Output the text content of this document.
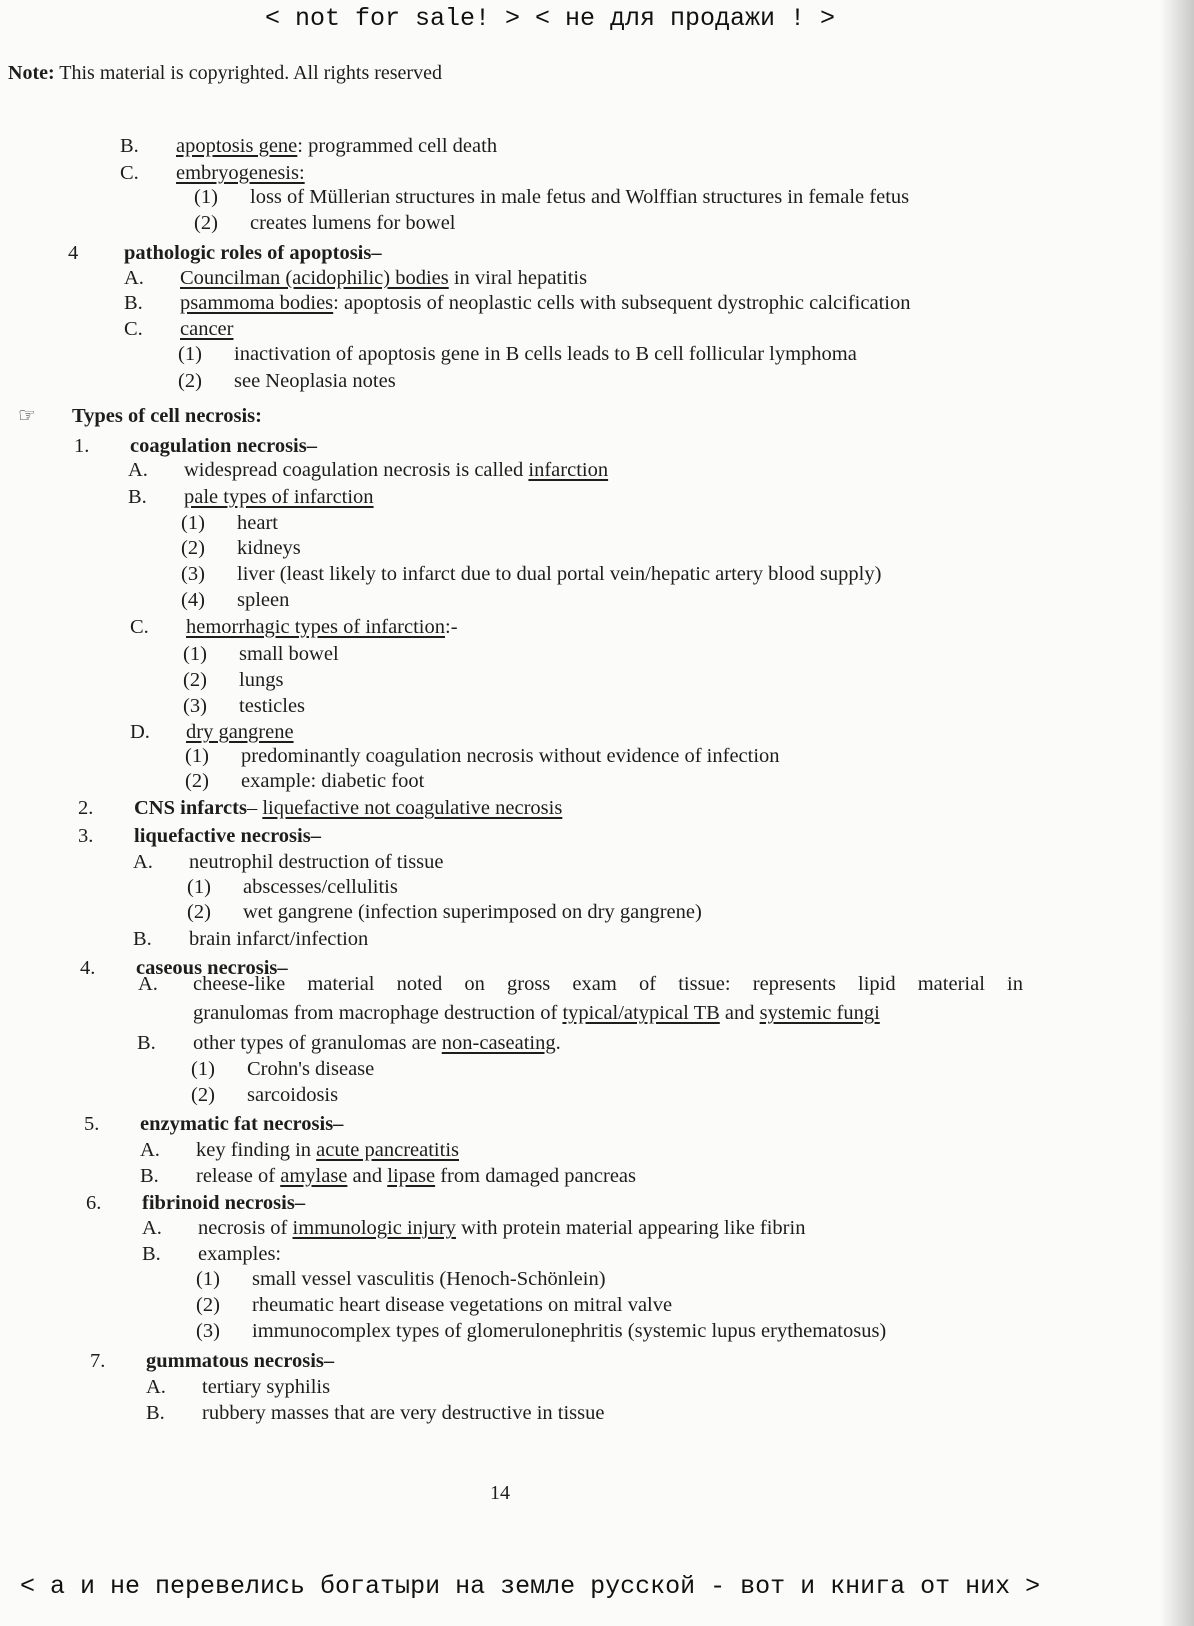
< not for sale! > < не для продажи ! >
Note: This material is copyrighted. All rights reserved
B. apoptosis gene: programmed cell death
C. embryogenesis:
(1) loss of Müllerian structures in male fetus and Wolffian structures in female fetus
(2) creates lumens for bowel
4 pathologic roles of apoptosis–
A. Councilman (acidophilic) bodies in viral hepatitis
B. psammoma bodies: apoptosis of neoplastic cells with subsequent dystrophic calcification
C. cancer
(1) inactivation of apoptosis gene in B cells leads to B cell follicular lymphoma
(2) see Neoplasia notes
☞ Types of cell necrosis:
1. coagulation necrosis–
A. widespread coagulation necrosis is called infarction
B. pale types of infarction
(1) heart
(2) kidneys
(3) liver (least likely to infarct due to dual portal vein/hepatic artery blood supply)
(4) spleen
C. hemorrhagic types of infarction:-
(1) small bowel
(2) lungs
(3) testicles
D. dry gangrene
(1) predominantly coagulation necrosis without evidence of infection
(2) example: diabetic foot
2. CNS infarcts– liquefactive not coagulative necrosis
3. liquefactive necrosis–
A. neutrophil destruction of tissue
(1) abscesses/cellulitis
(2) wet gangrene (infection superimposed on dry gangrene)
B. brain infarct/infection
4. caseous necrosis–
A. cheese-like material noted on gross exam of tissue: represents lipid material in
granulomas from macrophage destruction of typical/atypical TB and systemic fungi
B. other types of granulomas are non-caseating.
(1) Crohn's disease
(2) sarcoidosis
5. enzymatic fat necrosis–
A. key finding in acute pancreatitis
B. release of amylase and lipase from damaged pancreas
6. fibrinoid necrosis–
A. necrosis of immunologic injury with protein material appearing like fibrin
B. examples:
(1) small vessel vasculitis (Henoch-Schönlein)
(2) rheumatic heart disease vegetations on mitral valve
(3) immunocomplex types of glomerulonephritis (systemic lupus erythematosus)
7. gummatous necrosis–
A. tertiary syphilis
B. rubbery masses that are very destructive in tissue
14
< а и не перевелись богатыри на земле русской - вот и книга от них >
